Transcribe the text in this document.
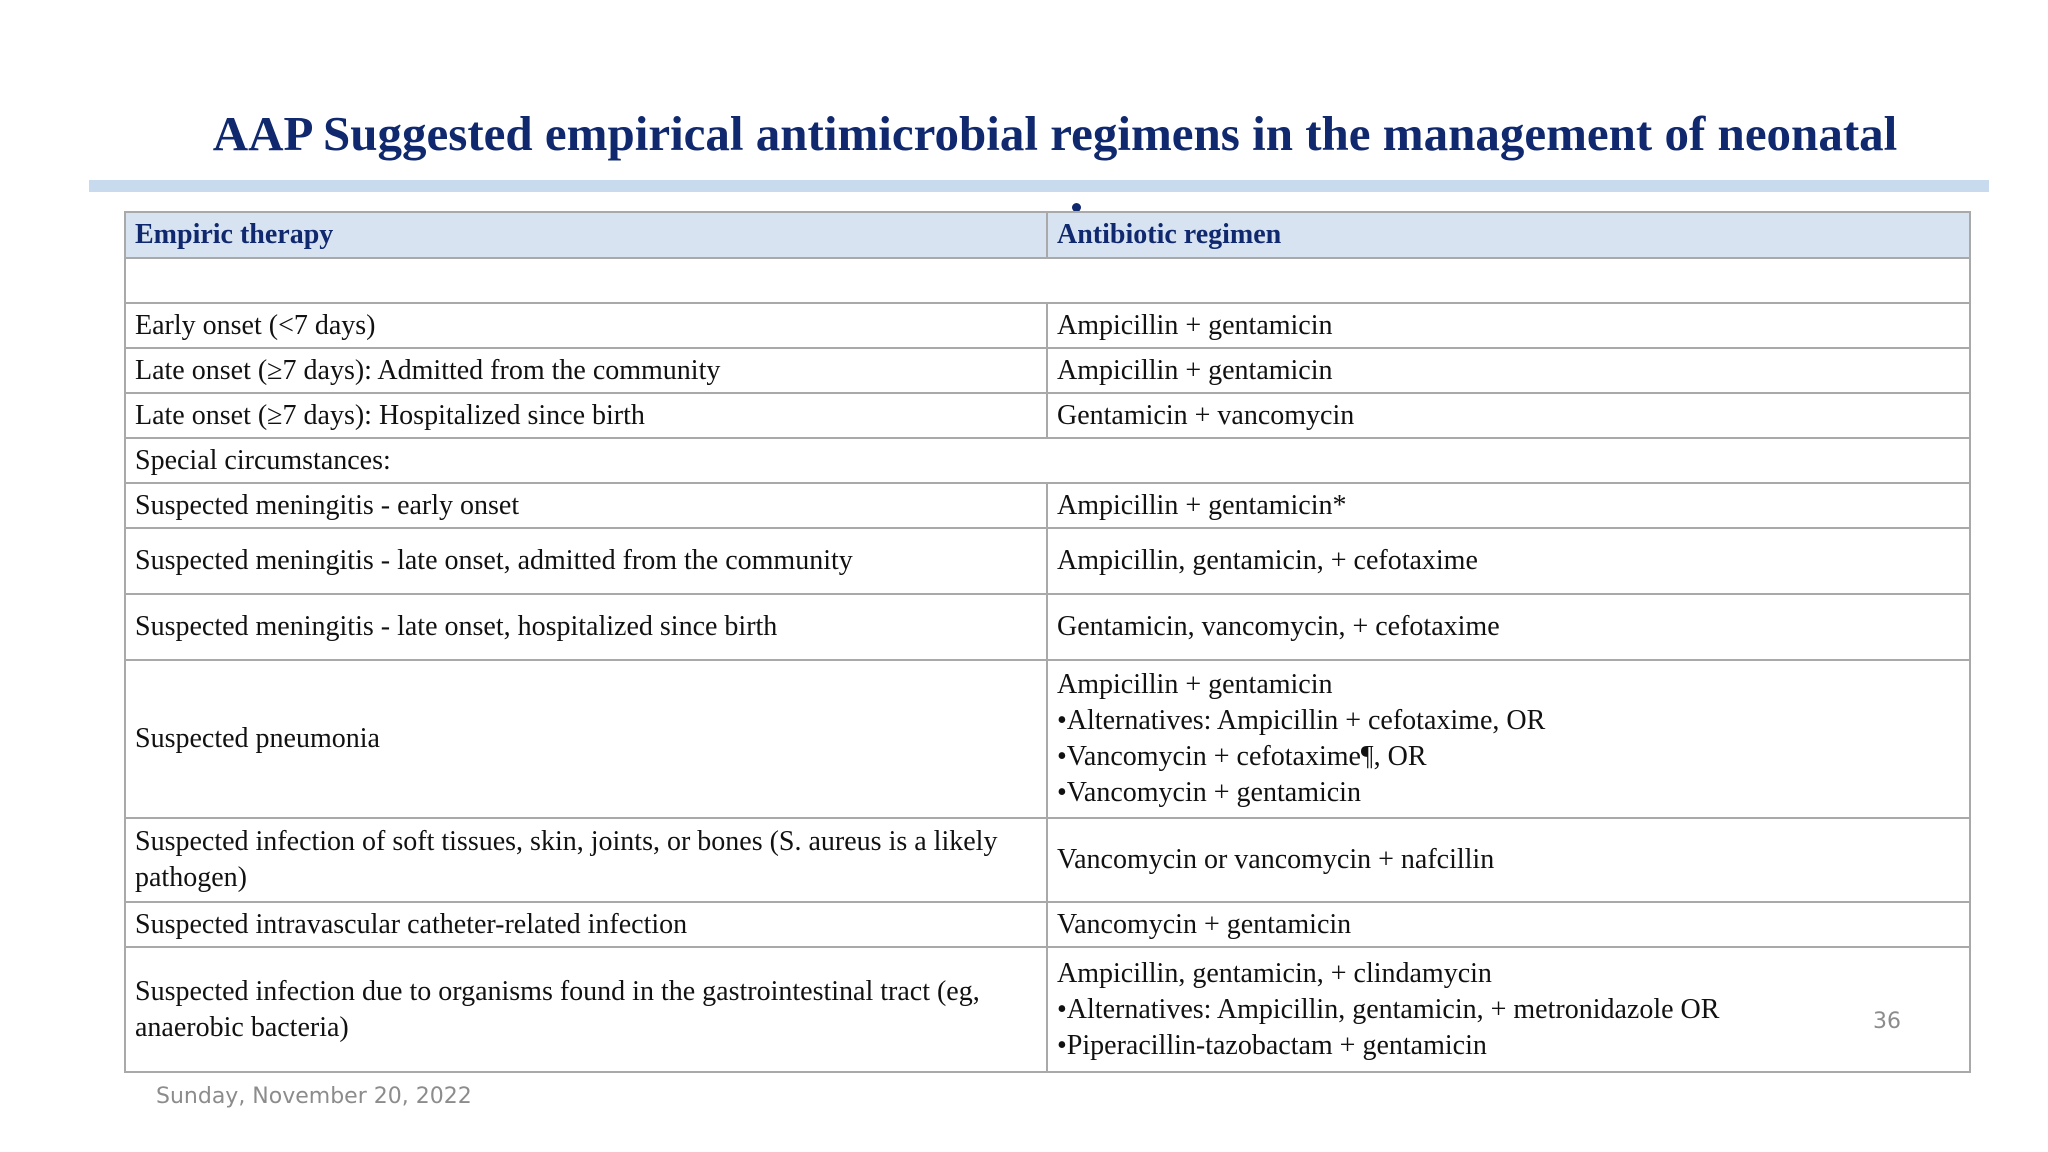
AAP Suggested empirical antimicrobial regimens in the management of neonatal
Empiric therapy	Antibiotic regimen

Early onset (<7 days)	Ampicillin + gentamicin
Late onset (≥7 days): Admitted from the community	Ampicillin + gentamicin
Late onset (≥7 days): Hospitalized since birth	Gentamicin + vancomycin
Special circumstances:	
Suspected meningitis - early onset	Ampicillin + gentamicin*
Suspected meningitis - late onset, admitted from the community	Ampicillin, gentamicin, + cefotaxime
Suspected meningitis - late onset, hospitalized since birth	Gentamicin, vancomycin, + cefotaxime
Suspected pneumonia	Ampicillin + gentamicin
•Alternatives: Ampicillin + cefotaxime, OR
•Vancomycin + cefotaxime¶, OR
•Vancomycin + gentamicin

Suspected infection of soft tissues, skin, joints, or bones (S. aureus is a likely pathogen)	Vancomycin or vancomycin + nafcillin
Suspected intravascular catheter-related infection	Vancomycin + gentamicin
Suspected infection due to organisms found in the gastrointestinal tract (eg, anaerobic bacteria)	Ampicillin, gentamicin, + clindamycin
•Alternatives: Ampicillin, gentamicin, + metronidazole OR
•Piperacillin-tazobactam + gentamicin
Sunday, November 20, 2022
36
